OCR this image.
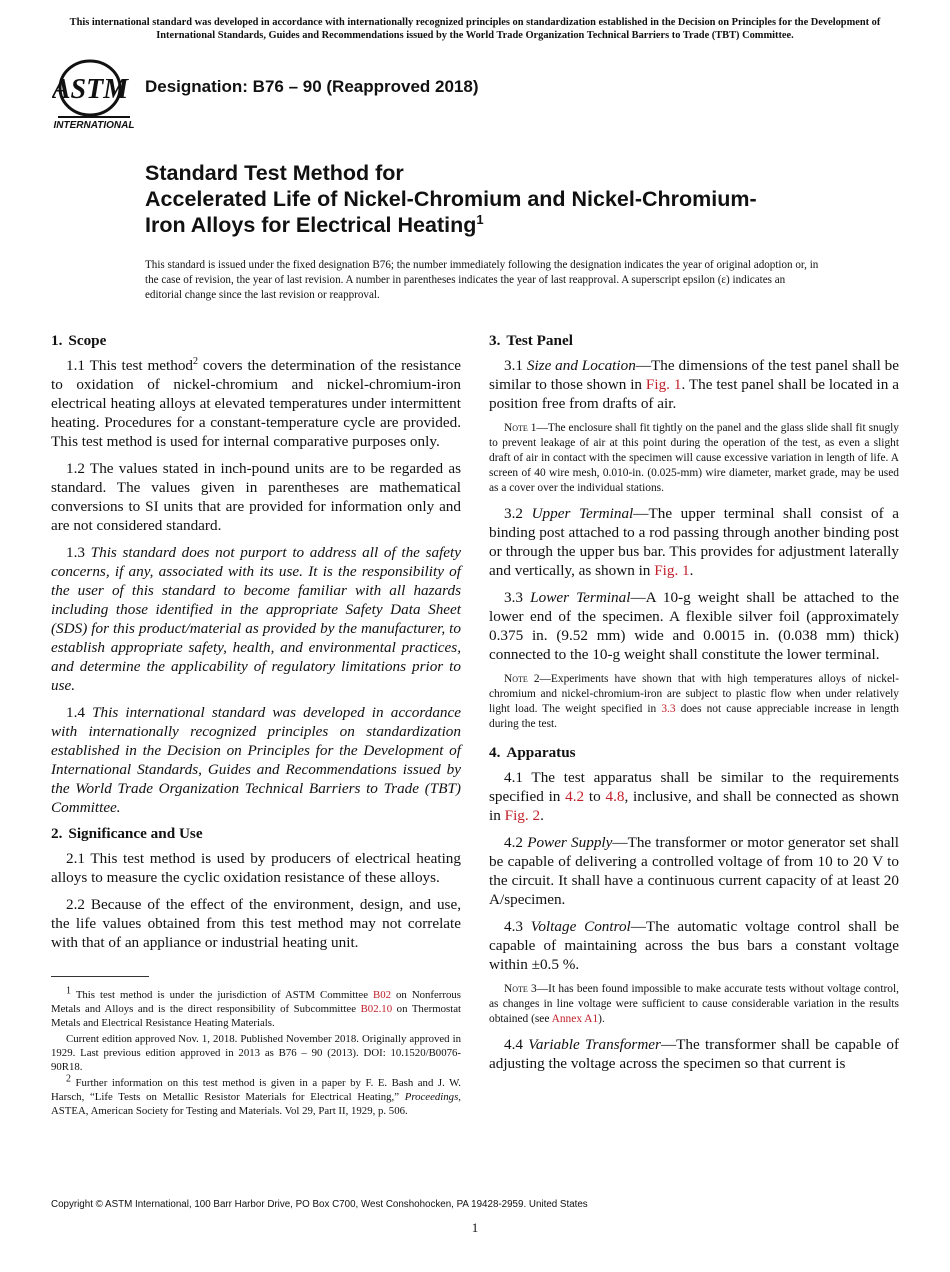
This international standard was developed in accordance with internationally recognized principles on standardization established in the Decision on Principles for the Development of International Standards, Guides and Recommendations issued by the World Trade Organization Technical Barriers to Trade (TBT) Committee.
ASTM
INTERNATIONAL
Designation: B76 – 90 (Reapproved 2018)
Standard Test Method for
Accelerated Life of Nickel-Chromium and Nickel-Chromium-
Iron Alloys for Electrical Heating$^1$
This standard is issued under the fixed designation B76; the number immediately following the designation indicates the year of original adoption or, in the case of revision, the year of last revision. A number in parentheses indicates the year of last reapproval. A superscript epsilon (ε) indicates an editorial change since the last revision or reapproval.
1. Scope

1.1 This test method$^2$ covers the determination of the resistance to oxidation of nickel-chromium and nickel-chromium-iron electrical heating alloys at elevated temperatures under intermittent heating. Procedures for a constant-temperature cycle are provided. This test method is used for internal comparative purposes only.

1.2 The values stated in inch-pound units are to be regarded as standard. The values given in parentheses are mathematical conversions to SI units that are provided for information only and are not considered standard.

1.3 This standard does not purport to address all of the safety concerns, if any, associated with its use. It is the responsibility of the user of this standard to become familiar with all hazards including those identified in the appropriate Safety Data Sheet (SDS) for this product/material as provided by the manufacturer, to establish appropriate safety, health, and environmental practices, and determine the applicability of regulatory limitations prior to use.

1.4 This international standard was developed in accordance with internationally recognized principles on standardization established in the Decision on Principles for the Development of International Standards, Guides and Recommendations issued by the World Trade Organization Technical Barriers to Trade (TBT) Committee.

2. Significance and Use

2.1 This test method is used by producers of electrical heating alloys to measure the cyclic oxidation resistance of these alloys.

2.2 Because of the effect of the environment, design, and use, the life values obtained from this test method may not correlate with that of an appliance or industrial heating unit.

$^1$ This test method is under the jurisdiction of ASTM Committee B02 on Nonferrous Metals and Alloys and is the direct responsibility of Subcommittee B02.10 on Thermostat Metals and Electrical Resistance Heating Materials.

Current edition approved Nov. 1, 2018. Published November 2018. Originally approved in 1929. Last previous edition approved in 2013 as B76 – 90 (2013). DOI: 10.1520/B0076-90R18.

$^2$ Further information on this test method is given in a paper by F. E. Bash and J. W. Harsch, “Life Tests on Metallic Resistor Materials for Electrical Heating,” Proceedings, ASTEA, American Society for Testing and Materials. Vol 29, Part II, 1929, p. 506.

3. Test Panel

3.1 Size and Location—The dimensions of the test panel shall be similar to those shown in Fig. 1. The test panel shall be located in a position free from drafts of air.

Note 1—The enclosure shall fit tightly on the panel and the glass slide shall fit snugly to prevent leakage of air at this point during the operation of the test, as even a slight draft of air in contact with the specimen will cause excessive variation in length of life. A screen of 40 wire mesh, 0.010-in. (0.025-mm) wire diameter, market grade, may be used as a cover over the individual stations.

3.2 Upper Terminal—The upper terminal shall consist of a binding post attached to a rod passing through another binding post or through the upper bus bar. This provides for adjustment laterally and vertically, as shown in Fig. 1.

3.3 Lower Terminal—A 10-g weight shall be attached to the lower end of the specimen. A flexible silver foil (approximately 0.375 in. (9.52 mm) wide and 0.0015 in. (0.038 mm) thick) connected to the 10-g weight shall constitute the lower terminal.

Note 2—Experiments have shown that with high temperatures alloys of nickel-chromium and nickel-chromium-iron are subject to plastic flow when under relatively light load. The weight specified in 3.3 does not cause appreciable increase in length during the test.

4. Apparatus

4.1 The test apparatus shall be similar to the requirements specified in 4.2 to 4.8, inclusive, and shall be connected as shown in Fig. 2.

4.2 Power Supply—The transformer or motor generator set shall be capable of delivering a controlled voltage of from 10 to 20 V to the circuit. It shall have a continuous current capacity of at least 20 A/specimen.

4.3 Voltage Control—The automatic voltage control shall be capable of maintaining across the bus bars a constant voltage within ±0.5 %.

Note 3—It has been found impossible to make accurate tests without voltage control, as changes in line voltage were sufficient to cause considerable variation in the results obtained (see Annex A1).

4.4 Variable Transformer—The transformer shall be capable of adjusting the voltage across the specimen so that current is

Copyright © ASTM International, 100 Barr Harbor Drive, PO Box C700, West Conshohocken, PA 19428-2959. United States
1
